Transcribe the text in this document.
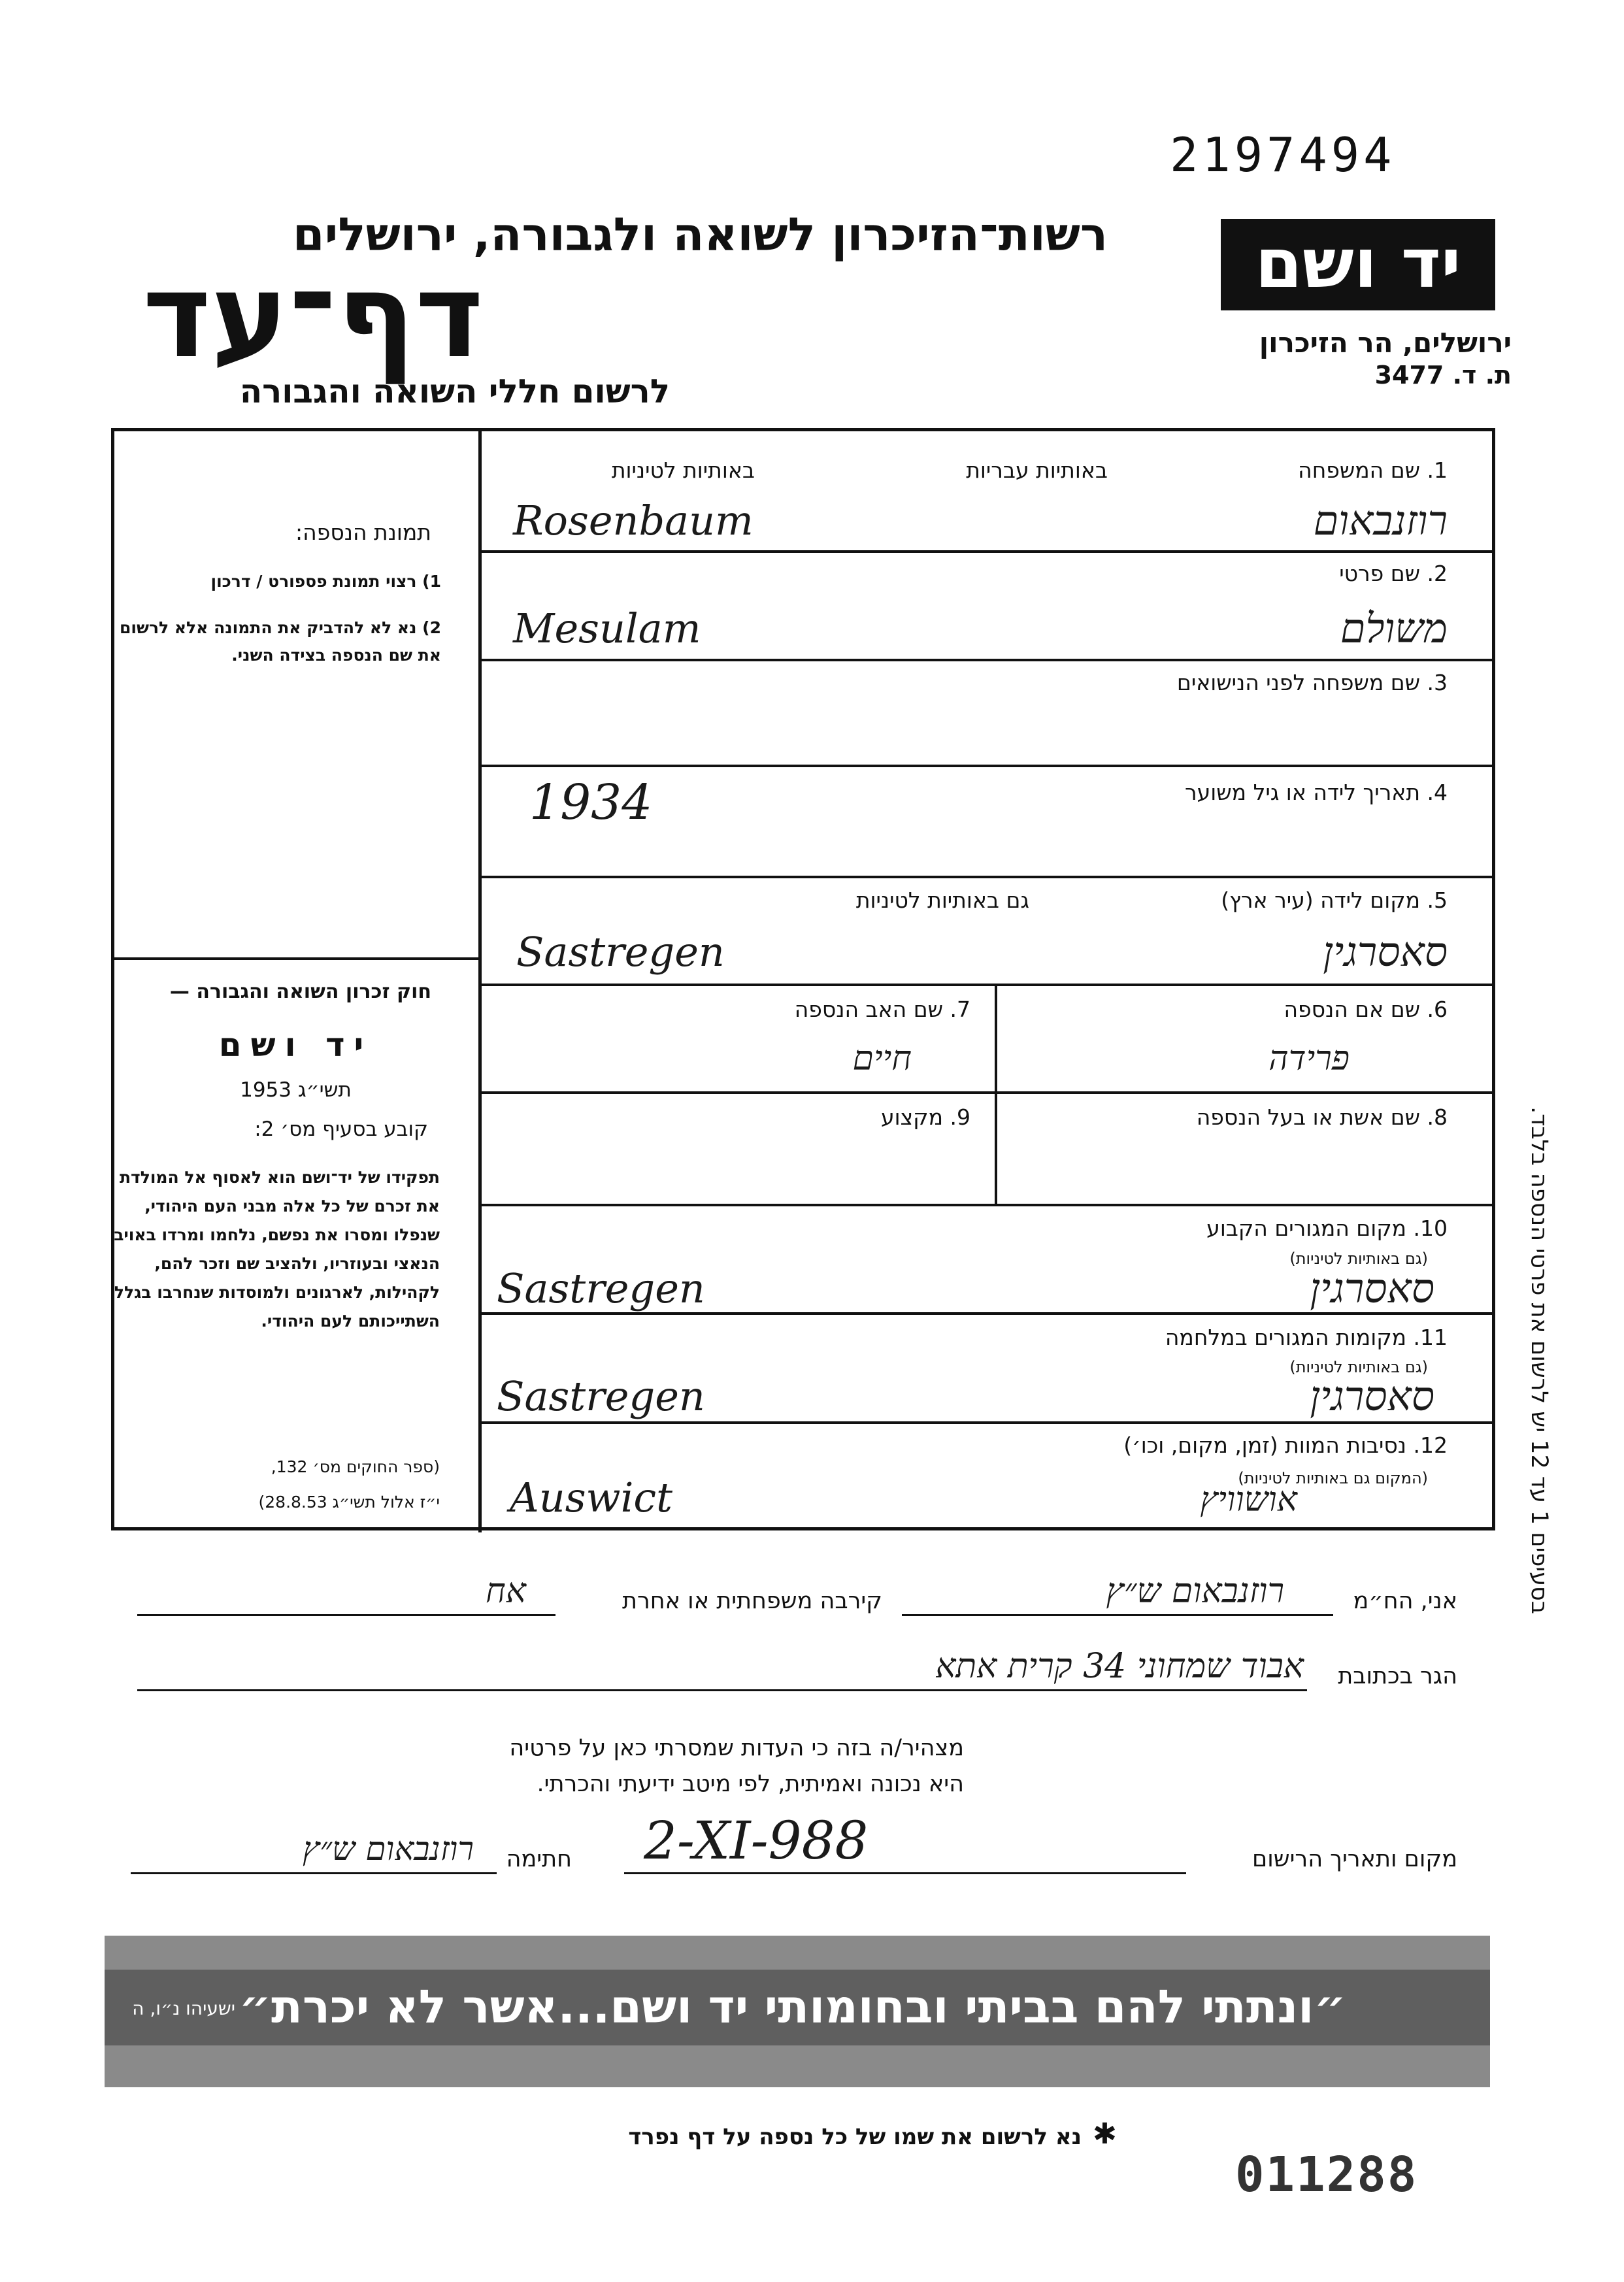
2197494
רשות־הזיכרון לשואה ולגבורה, ירושלים
דף־עד
לרשום חללי השואה והגבורה
יד ושם
ירושלים, הר הזיכרון
ת. ד. 3477
תמונת הנספה:
1) רצוי תמונת פספורט / דרכון
2) נא לא להדביק את התמונה אלא לרשום את שם הנספה בצידה השני.
חוק זכרון השואה והגבורה —
יד ושם
תשי״ג 1953
קובע בסעיף מס׳ 2:
תפקידו של יד־ושם הוא לאסוף אל המולדת את זכרם של כל אלה מבני העם היהודי, שנפלו ומסרו את נפשם, נלחמו ומרדו באויב הנאצי ובעוזריו, ולהציב שם וזכר להם, לקהילות, לארגונים ולמוסדות שנחרבו בגלל השתייכותם לעם היהודי.
(ספר החוקים מס׳ 132,
י״ז אלול תשי״ג 28.8.53)
1. שם המשפחה
באותיות עבריות
באותיות לטיניות
Rosenbaum	רוזנבאום
2. שם פרטי
Mesulam	משולם
3. שם משפחה לפני הנישואים
4. תאריך לידה או גיל משוער
1934
5. מקום לידה (עיר ארץ)
גם באותיות לטיניות
Sastregen	סאסרגין
6. שם אם הנספה
פרידה
7. שם האב הנספה
חיים
8. שם אשת או בעל הנספה
9. מקצוע
10. מקום המגורים הקבוע
(גם באותיות לטיניות)
Sastregen	סאסרגין
11. מקומות המגורים במלחמה
(גם באותיות לטיניות)
Sastregen	סאסרגין
12. נסיבות המוות (זמן, מקום, וכו׳)
(המקום גם באותיות לטיניות)
Auswict	אושוויץ
בסעיפים 1 עד 12 יש לרשום את פרטי הנספה בלבד.
אני, הח״מ
רוזנבאום ש״ץ
קירבה משפחתית או אחרת
אח
הגר בכתובת
אבוד שמחוני 34 קרית אתא
מצהיר/ה בזה כי העדות שמסרתי כאן על פרטיה
היא נכונה ואמיתית, לפי מיטב ידיעתי והכרתי.
מקום ותאריך הרישום
2-XI-988
חתימה
רוזנבאום ש״ץ
״ונתתי להם בביתי ובחומותי יד ושם...אשר לא יכרת״
ישעיהו נ״ו, ה
✱
נא לרשום את שמו של כל נספה על דף נפרד
011288
